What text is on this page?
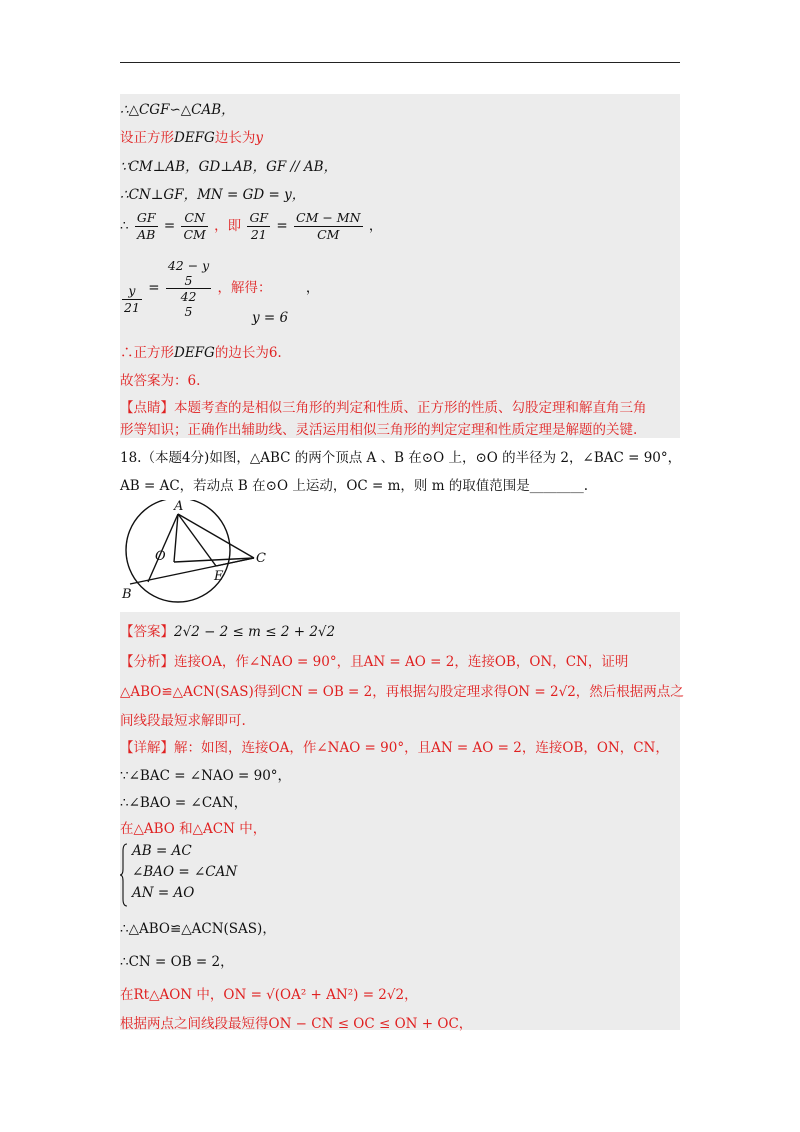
∴△CGF∽△CAB，
设正方形DEFG边长为y
∵CM⊥AB，GD⊥AB，GF // AB，
∴CN⊥GF，MN = GD = y，
∴ $\frac{GF}{AB} = \frac{CN}{CM}$ ，即 $\frac{GF}{21} = \frac{CM - MN}{CM}$ ，
$\frac{y}{21}$ =
42 − y
5
42
5
，解得：	，
y = 6
∴正方形DEFG的边长为6.
故答案为：6.
【点睛】本题考查的是相似三角形的判定和性质、正方形的性质、勾股定理和解直角三角
形等知识；正确作出辅助线、灵活运用相似三角形的判定定理和性质定理是解题的关键.
18.（本题4分)如图，△ABC 的两个顶点 A 、B 在⊙O 上，⊙O 的半径为 2，∠BAC = 90°，
AB = AC，若动点 B 在⊙O 上运动，OC = m，则 m 的取值范围是________.
A
O	C
E
B
【答案】2√2 − 2 ≤ m ≤ 2 + 2√2
【分析】连接OA，作∠NAO = 90°，且AN = AO = 2，连接OB，ON，CN，证明
△ABO≌△ACN(SAS)得到CN = OB = 2，再根据勾股定理求得ON = 2√2，然后根据两点之
间线段最短求解即可.
【详解】解：如图，连接OA，作∠NAO = 90°，且AN = AO = 2，连接OB，ON，CN，
∵∠BAC = ∠NAO = 90°，
∴∠BAO = ∠CAN，
在△ABO 和△ACN 中，
AB = AC
∠BAO = ∠CAN
AN = AO
∴△ABO≌△ACN(SAS)，
∴CN = OB = 2，
在Rt△AON 中，ON = √(OA² + AN²) = 2√2，
根据两点之间线段最短得ON − CN ≤ OC ≤ ON + OC，
